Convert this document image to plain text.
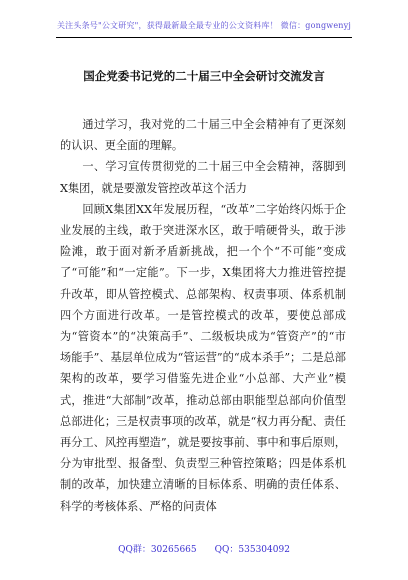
关注头条号"公文研究"，获得最新最全最专业的公文资料库！ 微信：gongwenyj
国企党委书记党的二十届三中全会研讨交流发言

通过学习，我对党的二十届三中全会精神有了更深刻的认识、更全面的理解。

一、学习宣传贯彻党的二十届三中全会精神，落脚到X集团，就是要激发管控改革这个活力

回顾X集团XX年发展历程，“改革”二字始终闪烁于企业发展的主线，敢于突进深水区，敢于啃硬骨头，敢于涉险滩，敢于面对新矛盾新挑战，把一个个“不可能”变成了“可能”和“一定能”。下一步，X集团将大力推进管控提升改革，即从管控模式、总部架构、权责事项、体系机制四个方面进行改革。一是管控模式的改革，要使总部成为“管资本”的“决策高手”、二级板块成为“管资产”的“市场能手”、基层单位成为“管运营”的“成本杀手”；二是总部架构的改革，要学习借鉴先进企业“小总部、大产业”模式，推进“大部制”改革，推动总部由职能型总部向价值型总部进化；三是权责事项的改革，就是“权力再分配、责任再分工、风控再塑造”，就是要按事前、事中和事后原则，分为审批型、报备型、负责型三种管控策略；四是体系机制的改革，加快建立清晰的目标体系、明确的责任体系、科学的考核体系、严格的问责体

QQ群：30265665　　QQ：535304092
